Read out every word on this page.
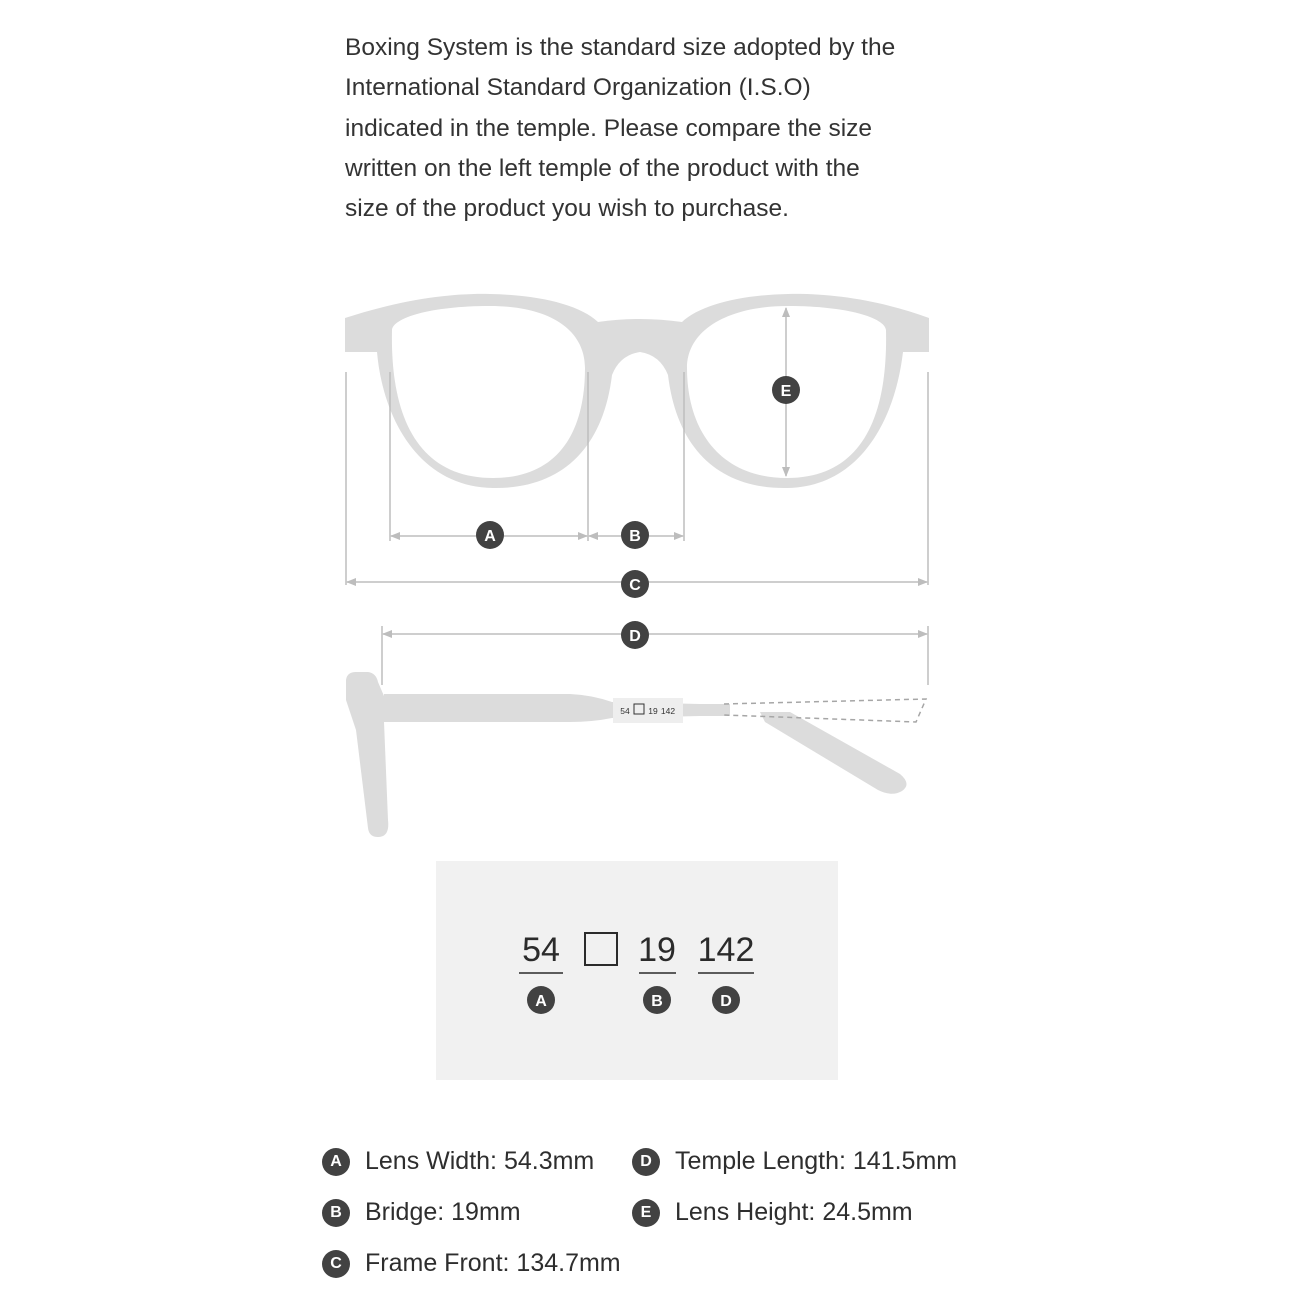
Boxing System is the standard size adopted by the
International Standard Organization (I.S.O)
indicated in the temple. Please compare the size
written on the left temple of the product with the
size of the product you wish to purchase.

54 19 142
A	B
C
D
E
54 19 142
A	B	D
A Lens Width: 54.3mm
B Bridge: 19mm
C Frame Front: 134.7mm
D Temple Length: 141.5mm
E Lens Height: 24.5mm
